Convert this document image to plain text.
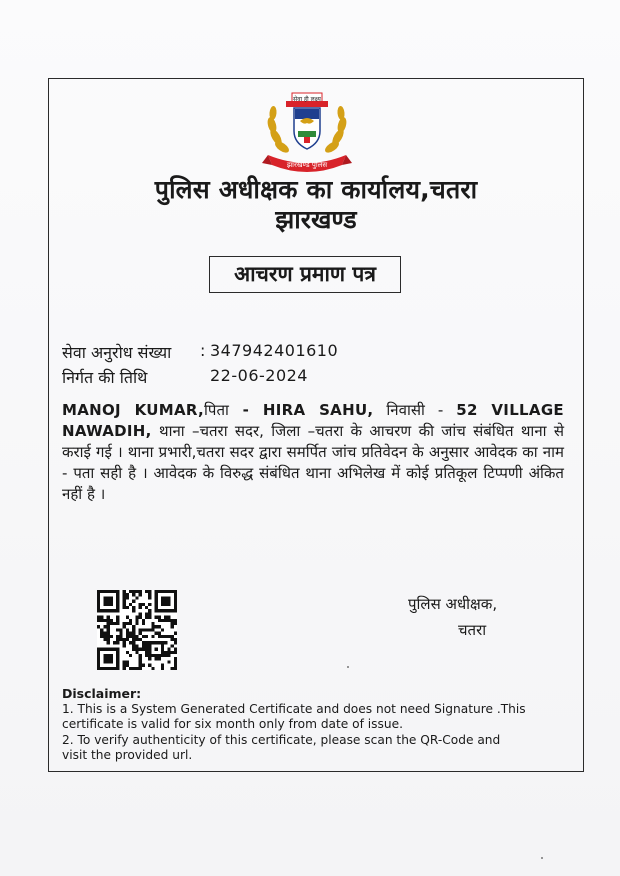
सेवा ही लक्ष्य
झारखण्ड पुलिस
पुलिस अधीक्षक का कार्यालय,चतरा
झारखण्ड
आचरण प्रमाण पत्र
सेवा अनुरोध संख्या : 347942401610
निर्गत की तिथि	22-06-2024
MANOJ KUMAR,पिता - HIRA SAHU, निवासी - 52 VILLAGE NAWADIH, थाना –चतरा सदर, जिला –चतरा के आचरण की जांच संबंधित थाना से कराई गई । थाना प्रभारी,चतरा सदर द्वारा समर्पित जांच प्रतिवेदन के अनुसार आवेदक का नाम - पता सही है । आवेदक के विरुद्ध संबंधित थाना अभिलेख में कोई प्रतिकूल टिप्पणी अंकित नहीं है ।
पुलिस अधीक्षक,
चतरा
Disclaimer:
1. This is a System Generated Certificate and does not need Signature .This
certificate is valid for six month only from date of issue.
2. To verify authenticity of this certificate, please scan the QR-Code and
visit the provided url.
